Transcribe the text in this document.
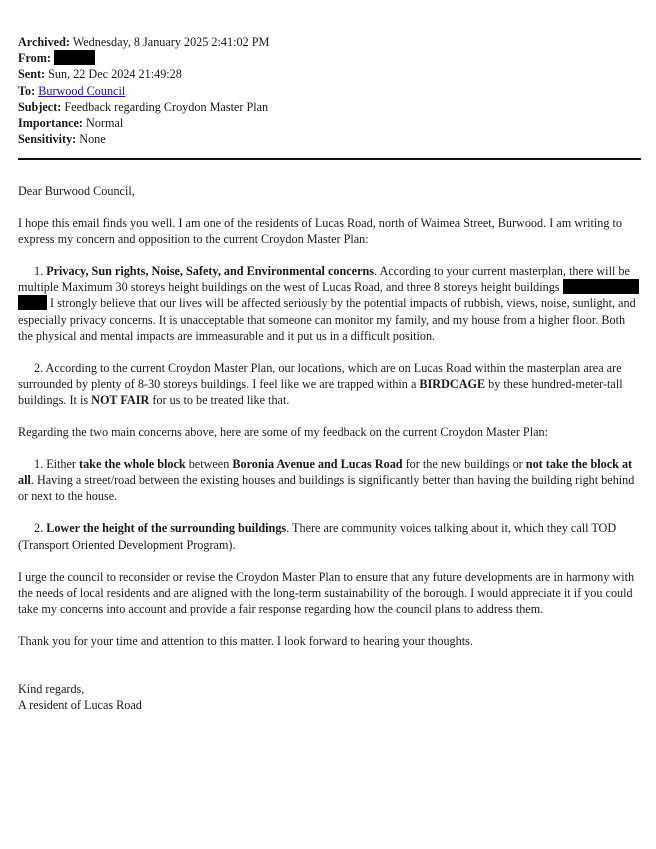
Archived: Wednesday, 8 January 2025 2:41:02 PM
From:
Sent: Sun, 22 Dec 2024 21:49:28
To: Burwood Council
Subject: Feedback regarding Croydon Master Plan
Importance: Normal
Sensitivity: None

Dear Burwood Council,

I hope this email finds you well. I am one of the residents of Lucas Road, north of Waimea Street, Burwood. I am writing to express my concern and opposition to the current Croydon Master Plan:

1. Privacy, Sun rights, Noise, Safety, and Environmental concerns. According to your current masterplan, there will be multiple Maximum 30 storeys height buildings on the west of Lucas Road, and three 8 storeys height buildings   I strongly believe that our lives will be affected seriously by the potential impacts of rubbish, views, noise, sunlight, and especially privacy concerns. It is unacceptable that someone can monitor my family, and my house from a higher floor. Both the physical and mental impacts are immeasurable and it put us in a difficult position.

2. According to the current Croydon Master Plan, our locations, which are on Lucas Road within the masterplan area are surrounded by plenty of 8-30 storeys buildings. I feel like we are trapped within a BIRDCAGE by these hundred-meter-tall buildings. It is NOT FAIR for us to be treated like that.

Regarding the two main concerns above, here are some of my feedback on the current Croydon Master Plan:

1. Either take the whole block between Boronia Avenue and Lucas Road for the new buildings or not take the block at all. Having a street/road between the existing houses and buildings is significantly better than having the building right behind or next to the house.

2. Lower the height of the surrounding buildings. There are community voices talking about it, which they call TOD (Transport Oriented Development Program).

I urge the council to reconsider or revise the Croydon Master Plan to ensure that any future developments are in harmony with the needs of local residents and are aligned with the long-term sustainability of the borough. I would appreciate it if you could take my concerns into account and provide a fair response regarding how the council plans to address them.

Thank you for your time and attention to this matter. I look forward to hearing your thoughts.

Kind regards,

A resident of Lucas Road
